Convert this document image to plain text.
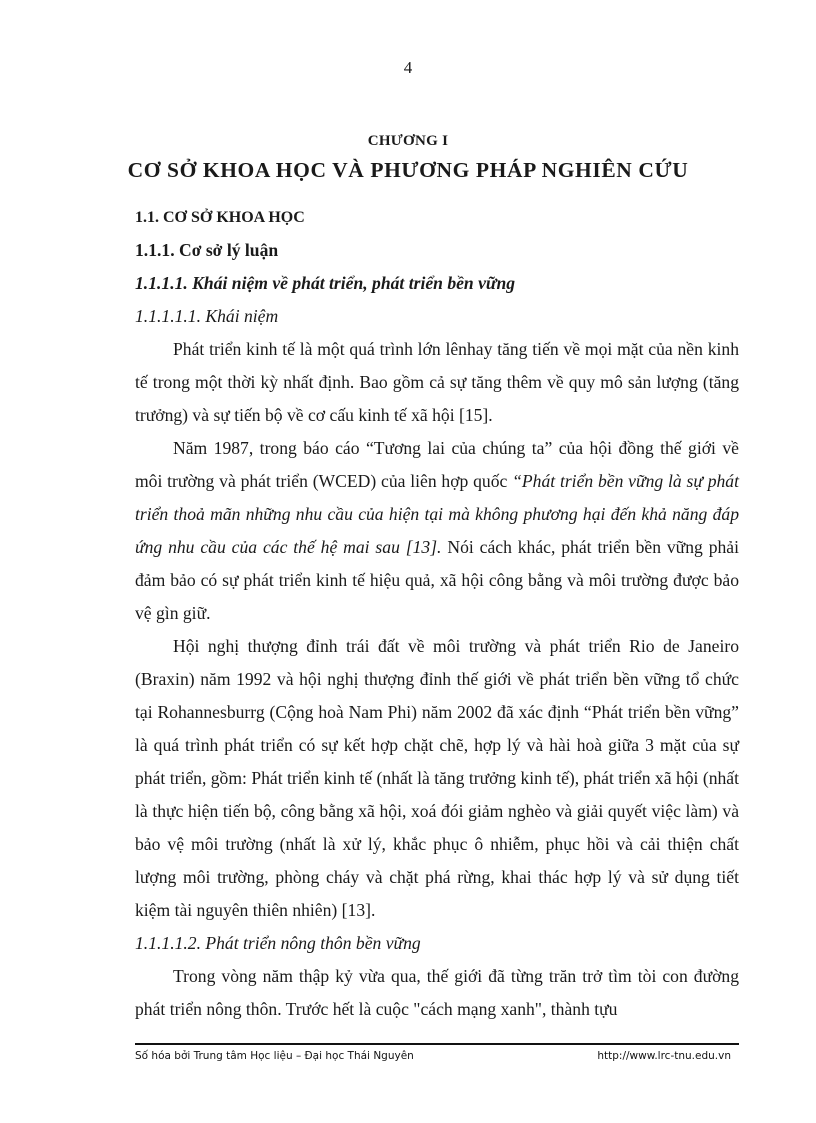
4
CHƯƠNG I
CƠ SỞ KHOA HỌC VÀ PHƯƠNG PHÁP NGHIÊN CỨU

1.1. CƠ SỞ KHOA HỌC

1.1.1. Cơ sở lý luận

1.1.1.1. Khái niệm về phát triển, phát triển bền vững

1.1.1.1.1. Khái niệm

Phát triển kinh tế là một quá trình lớn lênhay tăng tiến về mọi mặt của nền kinh tế trong một thời kỳ nhất định. Bao gồm cả sự tăng thêm về quy mô sản lượng (tăng trưởng) và sự tiến bộ về cơ cấu kinh tế xã hội [15].

Năm 1987, trong báo cáo “Tương lai của chúng ta” của hội đồng thế giới về môi trường và phát triển (WCED) của liên hợp quốc “Phát triển bền vững là sự phát triển thoả mãn những nhu cầu của hiện tại mà không phương hại đến khả năng đáp ứng nhu cầu của các thế hệ mai sau [13]. Nói cách khác, phát triển bền vững phải đảm bảo có sự phát triển kinh tế hiệu quả, xã hội công bằng và môi trường được bảo vệ gìn giữ.

Hội nghị thượng đỉnh trái đất về môi trường và phát triển Rio de Janeiro (Braxin) năm 1992 và hội nghị thượng đỉnh thế giới về phát triển bền vững tổ chức tại Rohannesburrg (Cộng hoà Nam Phi) năm 2002 đã xác định “Phát triển bền vững” là quá trình phát triển có sự kết hợp chặt chẽ, hợp lý và hài hoà giữa 3 mặt của sự phát triển, gồm: Phát triển kinh tế (nhất là tăng trưởng kinh tế), phát triển xã hội (nhất là thực hiện tiến bộ, công bằng xã hội, xoá đói giảm nghèo và giải quyết việc làm) và bảo vệ môi trường (nhất là xử lý, khắc phục ô nhiễm, phục hồi và cải thiện chất lượng môi trường, phòng cháy và chặt phá rừng, khai thác hợp lý và sử dụng tiết kiệm tài nguyên thiên nhiên) [13].

1.1.1.1.2. Phát triển nông thôn bền vững

Trong vòng năm thập kỷ vừa qua, thế giới đã từng trăn trở tìm tòi con đường phát triển nông thôn. Trước hết là cuộc "cách mạng xanh", thành tựu

Số hóa bởi Trung tâm Học liệu – Đại học Thái Nguyên	http://www.lrc-tnu.edu.vn
